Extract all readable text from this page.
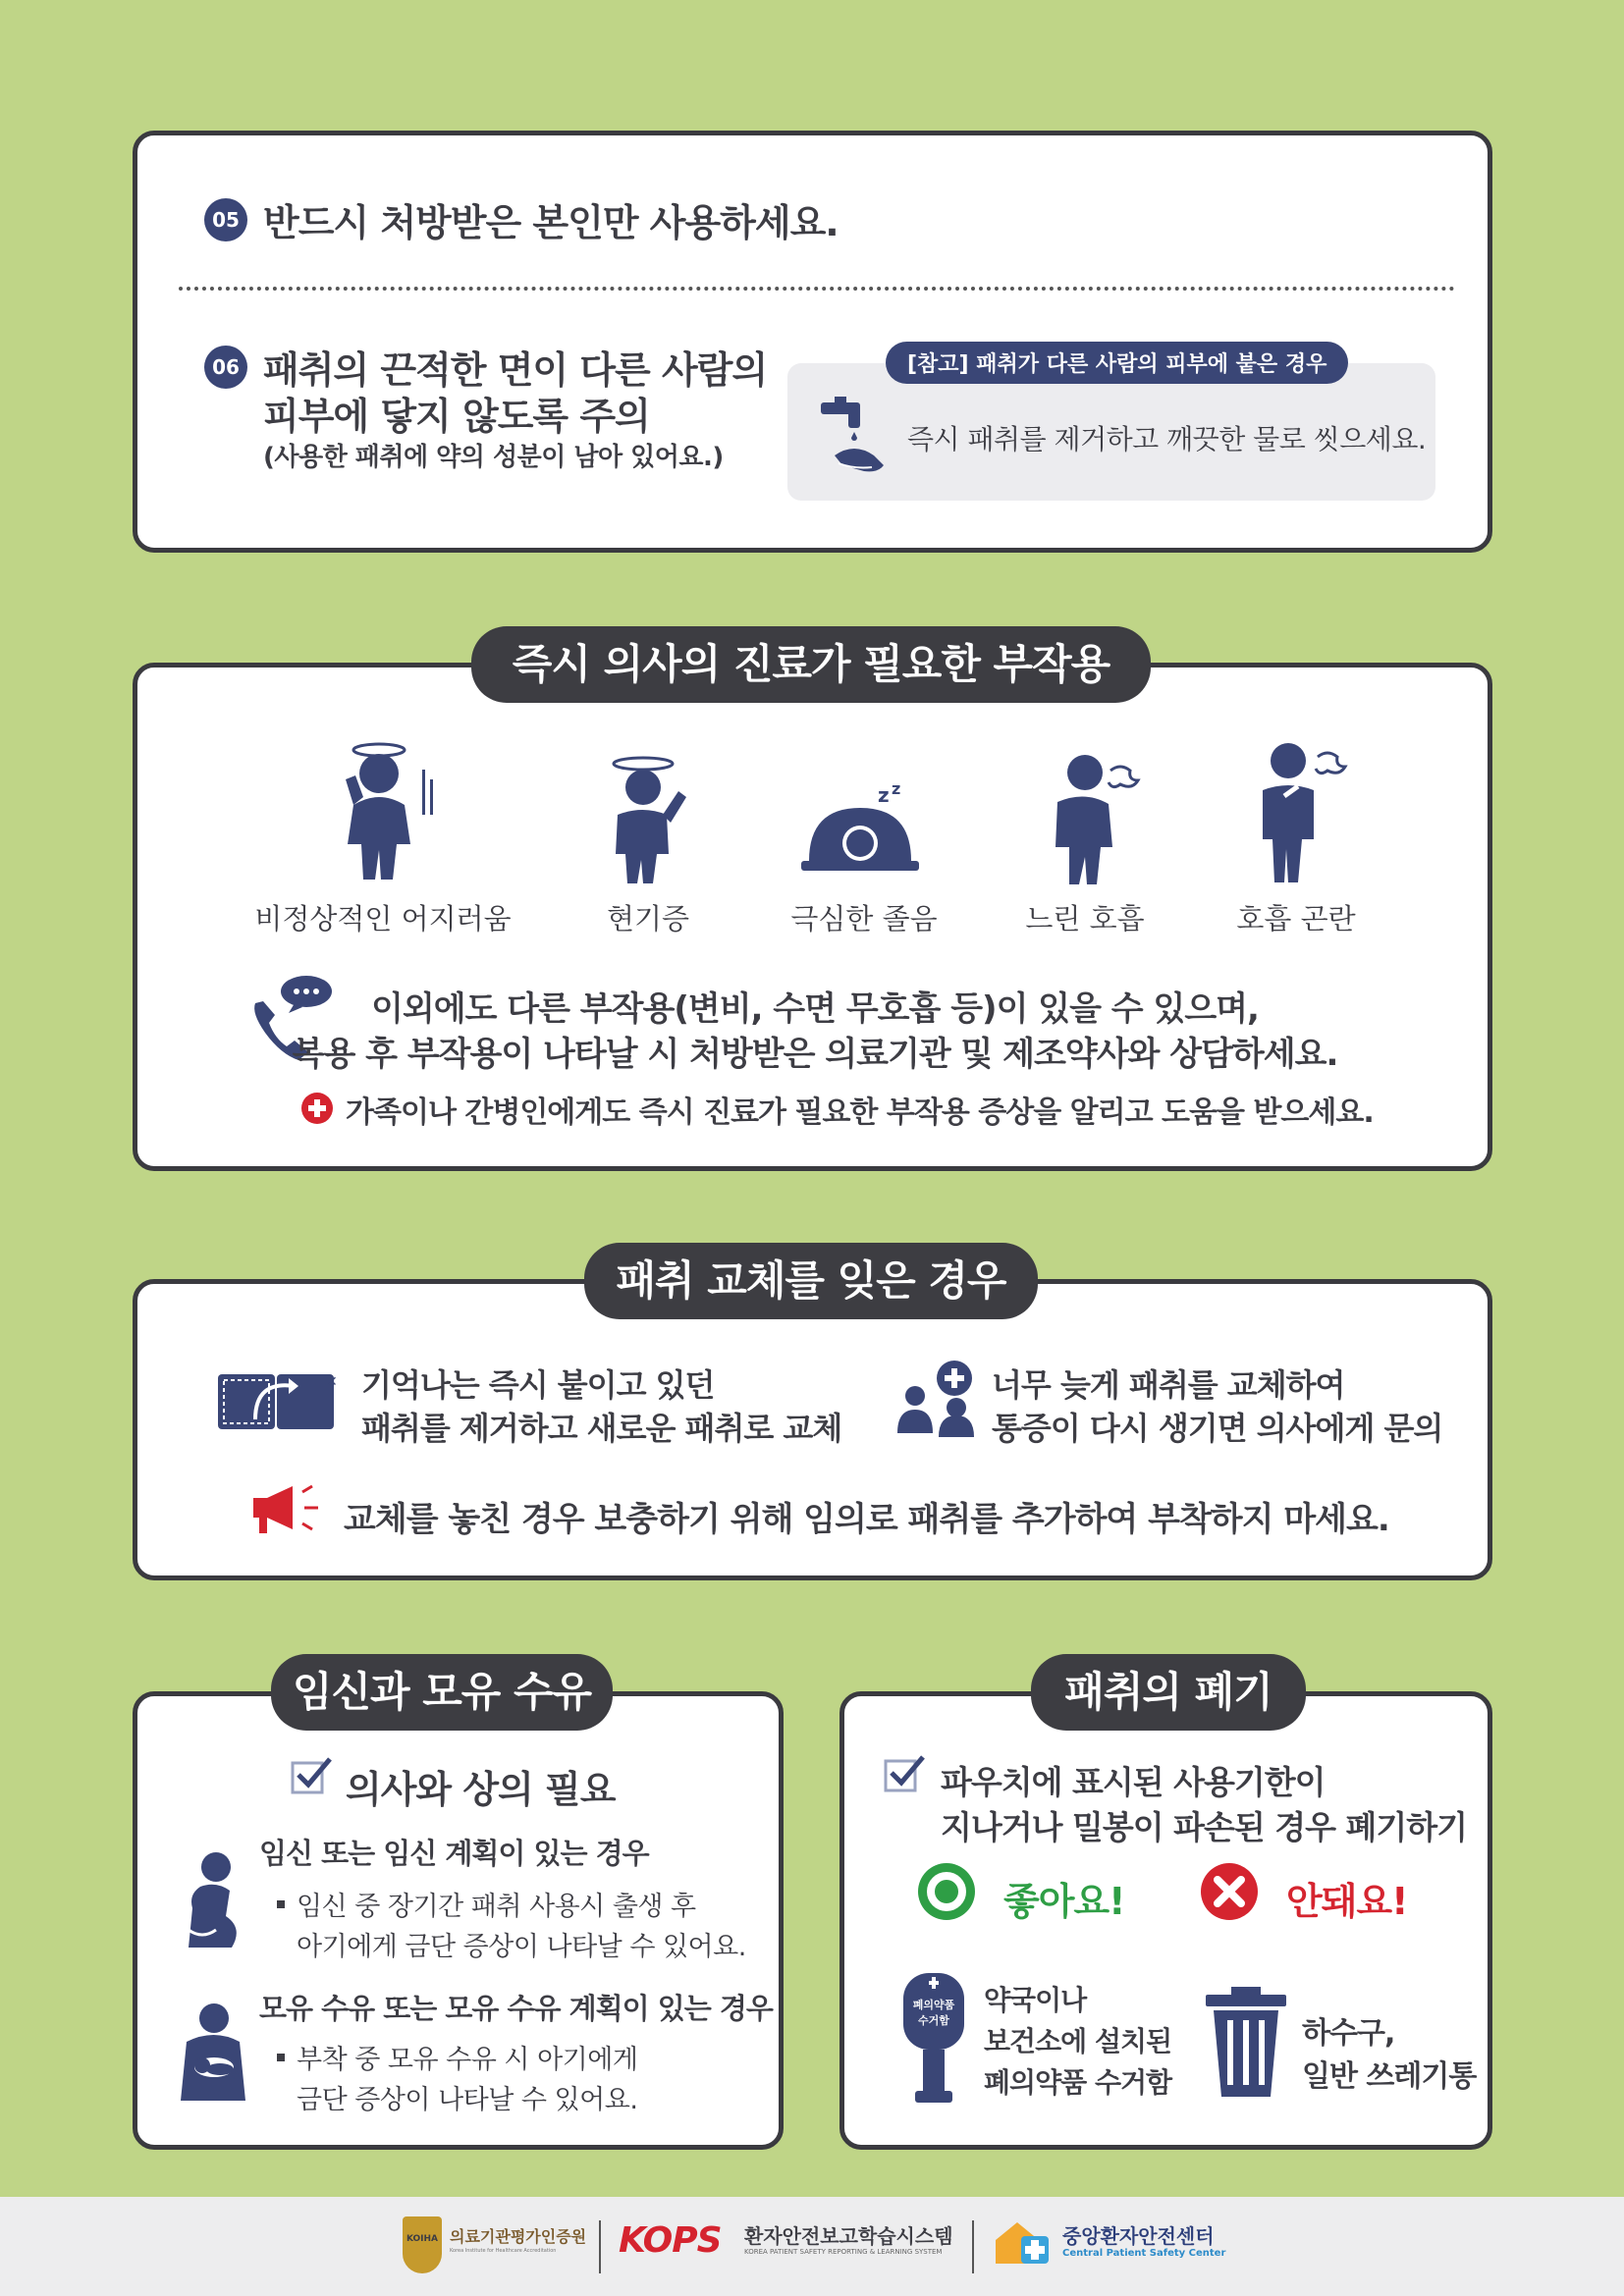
05 반드시 처방받은 본인만 사용하세요.
06 패취의 끈적한 면이 다른 사람의
피부에 닿지 않도록 주의
(사용한 패취에 약의 성분이 남아 있어요.)
[참고] 패취가 다른 사람의 피부에 붙은 경우
즉시 패취를 제거하고 깨끗한 물로 씻으세요.
즉시 의사의 진료가 필요한 부작용
z z
비정상적인 어지러움	현기증	극심한 졸음	느린 호흡	호흡 곤란
이외에도 다른 부작용(변비, 수면 무호흡 등)이 있을 수 있으며,
복용 후 부작용이 나타날 시 처방받은 의료기관 및 제조약사와 상담하세요.
가족이나 간병인에게도 즉시 진료가 필요한 부작용 증상을 알리고 도움을 받으세요.
패취 교체를 잊은 경우
✕ 기억나는 즉시 붙이고 있던
패취를 제거하고 새로운 패취로 교체
너무 늦게 패취를 교체하여
통증이 다시 생기면 의사에게 문의
교체를 놓친 경우 보충하기 위해 임의로 패취를 추가하여 부착하지 마세요.
임신과 모유 수유
의사와 상의 필요
임신 또는 임신 계획이 있는 경우
임신 중 장기간 패취 사용시 출생 후
아기에게 금단 증상이 나타날 수 있어요.
모유 수유 또는 모유 수유 계획이 있는 경우
부착 중 모유 수유 시 아기에게
금단 증상이 나타날 수 있어요.
패취의 폐기
파우치에 표시된 사용기한이
지나거나 밀봉이 파손된 경우 폐기하기
좋아요!	안돼요!
폐의약품
수거함
약국이나
보건소에 설치된
폐의약품 수거함
하수구,
일반 쓰레기통
KOIHA 의료기관평가인증원
Korea Institute for Healthcare Accreditation KOPS 환자안전보고학습시스템
KOREA PATIENT SAFETY REPORTING & LEARNING SYSTEM
중앙환자안전센터
Central Patient Safety Center
